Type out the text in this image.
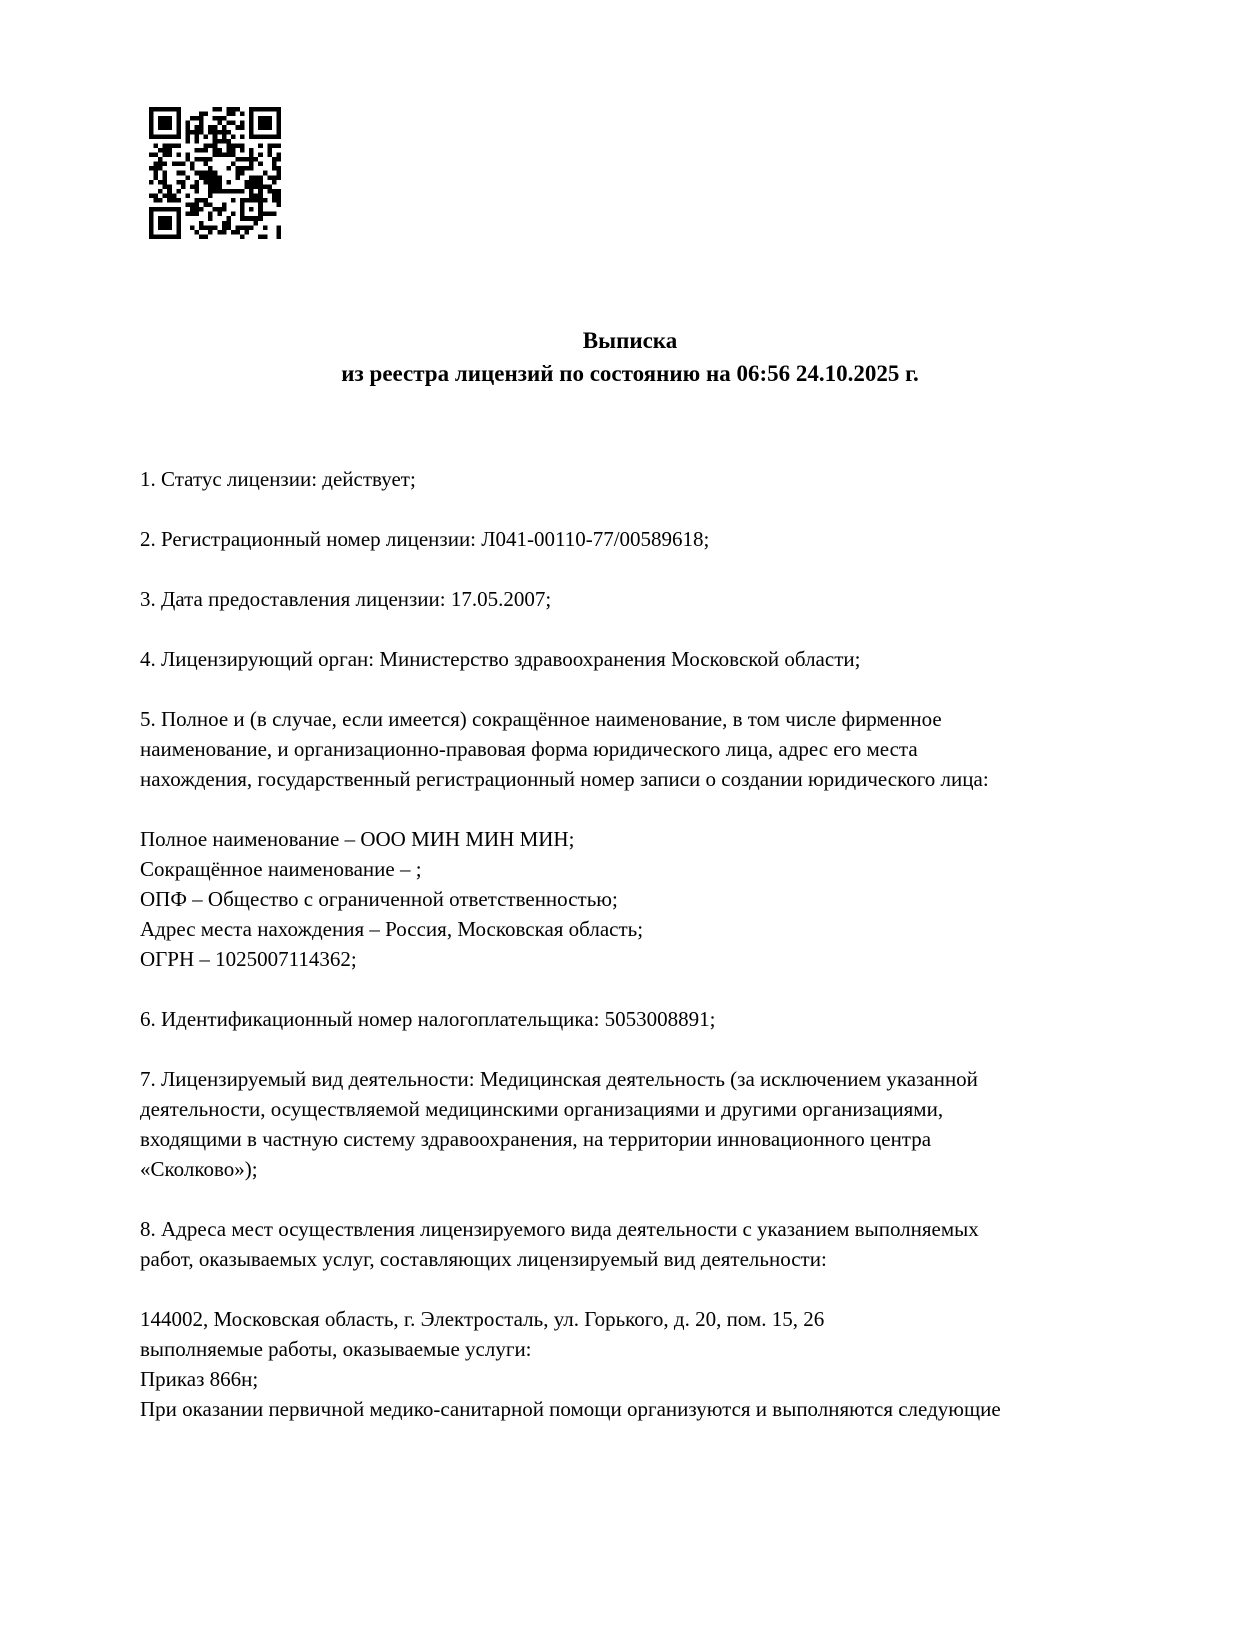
Выписка
из реестра лицензий по состоянию на 06:56 24.10.2025 г.
1. Статус лицензии: действует;
2. Регистрационный номер лицензии: Л041-00110-77/00589618;
3. Дата предоставления лицензии: 17.05.2007;
4. Лицензирующий орган: Министерство здравоохранения Московской области;
5. Полное и (в случае, если имеется) сокращённое наименование, в том числе фирменное
наименование, и организационно-правовая форма юридического лица, адрес его места
нахождения, государственный регистрационный номер записи о создании юридического лица:
Полное наименование – ООО МИН МИН МИН;
Сокращённое наименование – ;
ОПФ – Общество с ограниченной ответственностью;
Адрес места нахождения – Россия, Московская область;
ОГРН – 1025007114362;
6. Идентификационный номер налогоплательщика: 5053008891;
7. Лицензируемый вид деятельности: Медицинская деятельность (за исключением указанной
деятельности, осуществляемой медицинскими организациями и другими организациями,
входящими в частную систему здравоохранения, на территории инновационного центра
«Сколково»);
8. Адреса мест осуществления лицензируемого вида деятельности с указанием выполняемых
работ, оказываемых услуг, составляющих лицензируемый вид деятельности:
144002, Московская область, г. Электросталь, ул. Горького, д. 20, пом. 15, 26
выполняемые работы, оказываемые услуги:
Приказ 866н;
При оказании первичной медико-санитарной помощи организуются и выполняются следующие
